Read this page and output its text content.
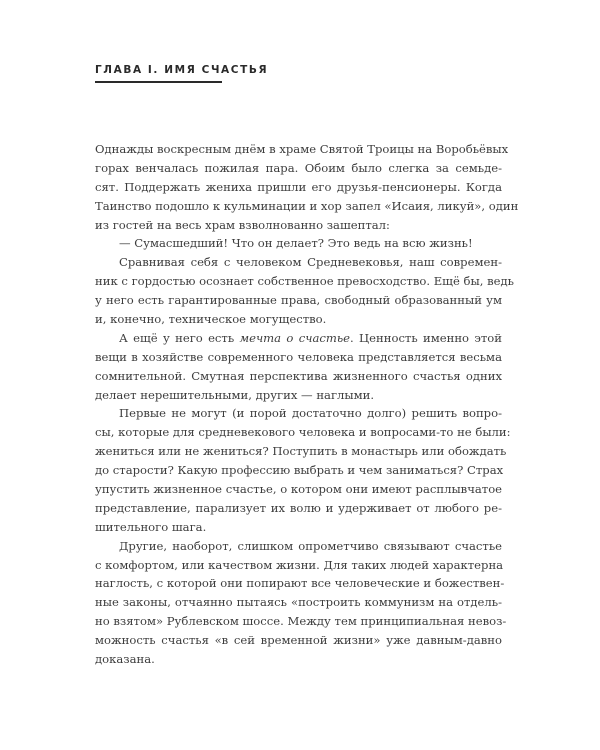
ГЛАВА I. ИМЯ СЧАСТЬЯ
Однажды воскресным днём в храме Святой Троицы на Воробьёвых
горах венчалась пожилая пара. Обоим было слегка за семьде-
сят. Поддержать жениха пришли его друзья-пенсионеры. Когда
Таинство подошло к кульминации и хор запел «Исаия, ликуй», один
из гостей на весь храм взволнованно зашептал:
— Сумасшедший! Что он делает? Это ведь на всю жизнь!
Сравнивая себя с человеком Средневековья, наш современ-
ник с гордостью осознает собственное превосходство. Ещё бы, ведь
у него есть гарантированные права, свободный образованный ум
и, конечно, техническое могущество.
А ещё у него есть мечта о счастье. Ценность именно этой
вещи в хозяйстве современного человека представляется весьма
сомнительной. Смутная перспектива жизненного счастья одних
делает нерешительными, других — наглыми.
Первые не могут (и порой достаточно долго) решить вопро-
сы, которые для средневекового человека и вопросами-то не были:
жениться или не жениться? Поступить в монастырь или обождать
до старости? Какую профессию выбрать и чем заниматься? Страх
упустить жизненное счастье, о котором они имеют расплывчатое
представление, парализует их волю и удерживает от любого ре-
шительного шага.
Другие, наоборот, слишком опрометчиво связывают счастье
с комфортом, или качеством жизни. Для таких людей характерна
наглость, с которой они попирают все человеческие и божествен-
ные законы, отчаянно пытаясь «построить коммунизм на отдель-
но взятом» Рублевском шоссе. Между тем принципиальная невоз-
можность счастья «в сей временной жизни» уже давным-давно
доказана.
